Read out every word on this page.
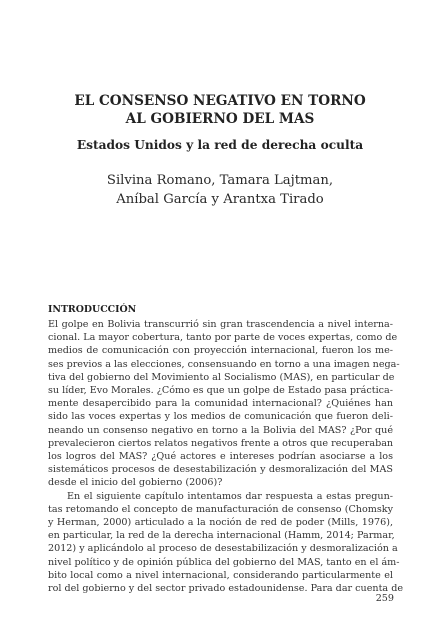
EL CONSENSO NEGATIVO EN TORNO
AL GOBIERNO DEL MAS
Estados Unidos y la red de derecha oculta
Silvina Romano, Tamara Lajtman,
Aníbal García y Arantxa Tirado
INTRODUCCIÓN
El golpe en Bolivia transcurrió sin gran trascendencia a nivel interna-
cional. La mayor cobertura, tanto por parte de voces expertas, como de
medios de comunicación con proyección internacional, fueron los me-
ses previos a las elecciones, consensuando en torno a una imagen nega-
tiva del gobierno del Movimiento al Socialismo (MAS), en particular de
su líder, Evo Morales. ¿Cómo es que un golpe de Estado pasa práctica-
mente desapercibido para la comunidad internacional? ¿Quiénes han
sido las voces expertas y los medios de comunicación que fueron deli-
neando un consenso negativo en torno a la Bolivia del MAS? ¿Por qué
prevalecieron ciertos relatos negativos frente a otros que recuperaban
los logros del MAS? ¿Qué actores e intereses podrían asociarse a los
sistemáticos procesos de desestabilización y desmoralización del MAS
desde el inicio del gobierno (2006)?
En el siguiente capítulo intentamos dar respuesta a estas pregun-
tas retomando el concepto de manufacturación de consenso (Chomsky
y Herman, 2000) articulado a la noción de red de poder (Mills, 1976),
en particular, la red de la derecha internacional (Hamm, 2014; Parmar,
2012) y aplicándolo al proceso de desestabilización y desmoralización a
nivel político y de opinión pública del gobierno del MAS, tanto en el ám-
bito local como a nivel internacional, considerando particularmente el
rol del gobierno y del sector privado estadounidense. Para dar cuenta de
259
